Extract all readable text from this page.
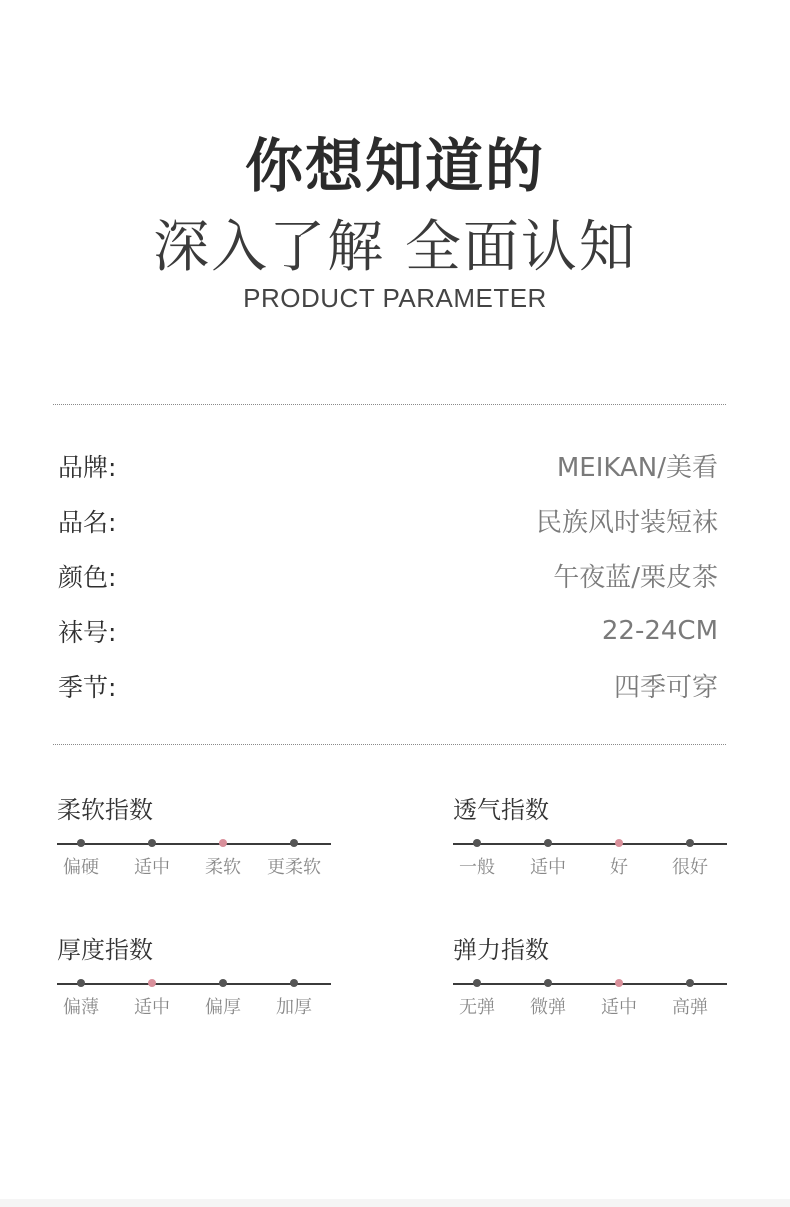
你想知道的
深入了解 全面认知
PRODUCT PARAMETER
品牌:	MEIKAN/美看
品名:	民族风时装短袜
颜色:	午夜蓝/栗皮茶
袜号:	22-24CM
季节:	四季可穿
柔软指数
偏硬	适中	柔软	更柔软
透气指数
一般	适中	好	很好
厚度指数
偏薄	适中	偏厚	加厚
弹力指数
无弹	微弹	适中	高弹
